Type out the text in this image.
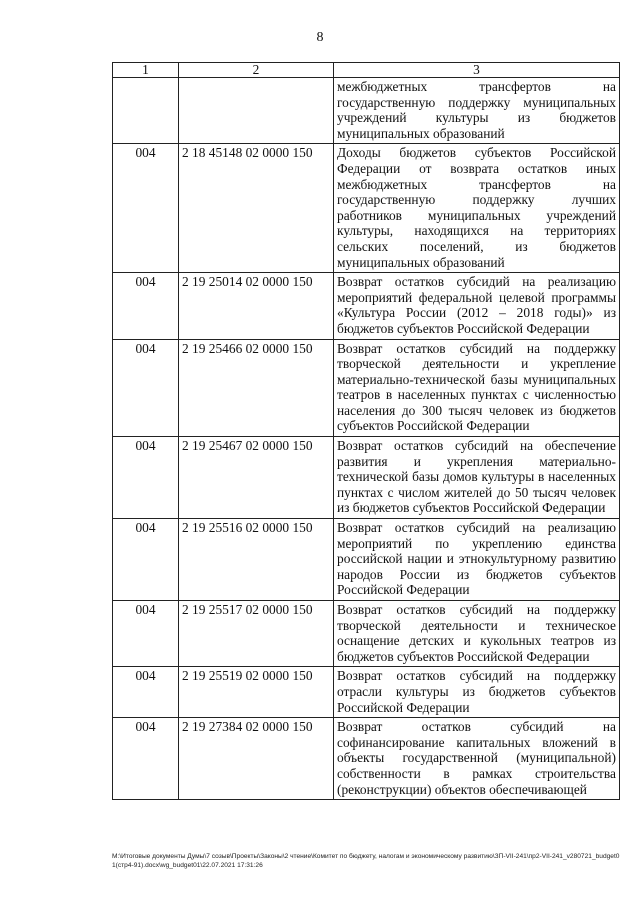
8
1	2	3
		межбюджетных трансфертов на государственную поддержку муниципальных учреждений культуры из бюджетов муниципальных образований
004	2 18 45148 02 0000 150	Доходы бюджетов субъектов Российской Федерации от возврата остатков иных межбюджетных трансфертов на государственную поддержку лучших работников муниципальных учреждений культуры, находящихся на территориях сельских поселений, из бюджетов муниципальных образований
004	2 19 25014 02 0000 150	Возврат остатков субсидий на реализацию мероприятий федеральной целевой программы «Культура России (2012 – 2018 годы)» из бюджетов субъектов Российской Федерации
004	2 19 25466 02 0000 150	Возврат остатков субсидий на поддержку творческой деятельности и укрепление материально-технической базы муниципальных театров в населенных пунктах с численностью населения до 300 тысяч человек из бюджетов субъектов Российской Федерации
004	2 19 25467 02 0000 150	Возврат остатков субсидий на обеспечение развития и укрепления материально-технической базы домов культуры в населенных пунктах с числом жителей до 50 тысяч человек из бюджетов субъектов Российской Федерации
004	2 19 25516 02 0000 150	Возврат остатков субсидий на реализацию мероприятий по укреплению единства российской нации и этнокультурному развитию народов России из бюджетов субъектов Российской Федерации
004	2 19 25517 02 0000 150	Возврат остатков субсидий на поддержку творческой деятельности и техническое оснащение детских и кукольных театров из бюджетов субъектов Российской Федерации
004	2 19 25519 02 0000 150	Возврат остатков субсидий на поддержку отрасли культуры из бюджетов субъектов Российской Федерации
004	2 19 27384 02 0000 150	Возврат остатков субсидий на софинансирование капитальных вложений в объекты государственной (муниципальной) собственности в рамках строительства (реконструкции) объектов обеспечивающей
M:\Итоговые документы Думы\7 созыв\Проекты\Законы\2 чтение\Комитет по бюджету, налогам и экономическому развитию\ЗП-VII-241\пр2-VII-241_v280721_budget01(стр4-91).docx\wg_budget01\22.07.2021 17:31:26
